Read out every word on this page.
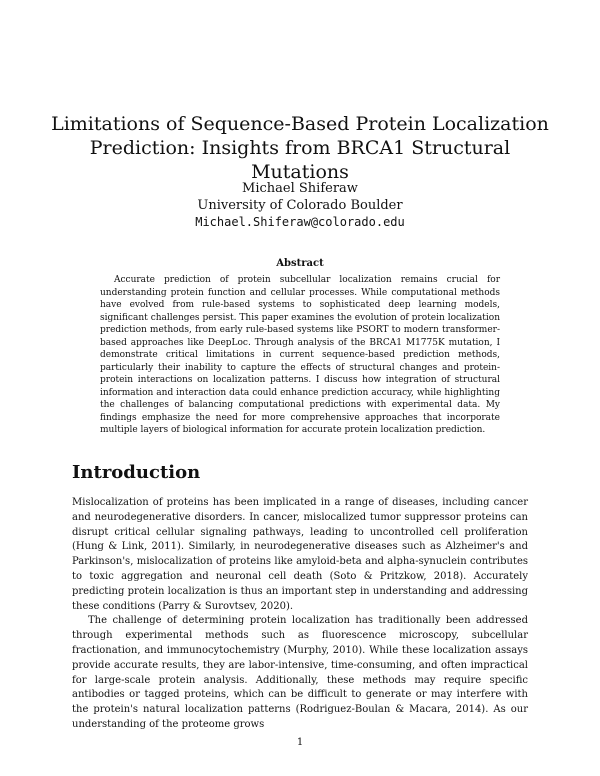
Limitations of Sequence-Based Protein Localization
Prediction: Insights from BRCA1 Structural Mutations
Michael Shiferaw
University of Colorado Boulder
Michael.Shiferaw@colorado.edu
Abstract

Accurate prediction of protein subcellular localization remains crucial for understanding protein function and cellular processes. While computational methods have evolved from rule-based systems to sophisticated deep learning models, significant challenges persist. This paper examines the evolution of protein localization prediction methods, from early rule-based systems like PSORT to modern transformer-based approaches like DeepLoc. Through analysis of the BRCA1 M1775K mutation, I demonstrate critical limitations in current sequence-based prediction methods, particularly their inability to capture the effects of structural changes and protein-protein interactions on localization patterns. I discuss how integration of structural information and interaction data could enhance prediction accuracy, while highlighting the challenges of balancing computational predictions with experimental data. My findings emphasize the need for more comprehensive approaches that incorporate multiple layers of biological information for accurate protein localization prediction.

Introduction

Mislocalization of proteins has been implicated in a range of diseases, including cancer and neurodegenerative disorders. In cancer, mislocalized tumor suppressor proteins can disrupt critical cellular signaling pathways, leading to uncontrolled cell proliferation (Hung & Link, 2011). Similarly, in neurodegenerative diseases such as Alzheimer's and Parkinson's, mislocalization of proteins like amyloid-beta and alpha-synuclein contributes to toxic aggregation and neuronal cell death (Soto & Pritzkow, 2018). Accurately predicting protein localization is thus an important step in understanding and addressing these conditions (Parry & Surovtsev, 2020).

The challenge of determining protein localization has traditionally been addressed through experimental methods such as fluorescence microscopy, subcellular fractionation, and immunocytochemistry (Murphy, 2010). While these localization assays provide accurate results, they are labor-intensive, time-consuming, and often impractical for large-scale protein analysis. Additionally, these methods may require specific antibodies or tagged proteins, which can be difficult to generate or may interfere with the protein's natural localization patterns (Rodriguez-Boulan & Macara, 2014). As our understanding of the proteome grows

1
